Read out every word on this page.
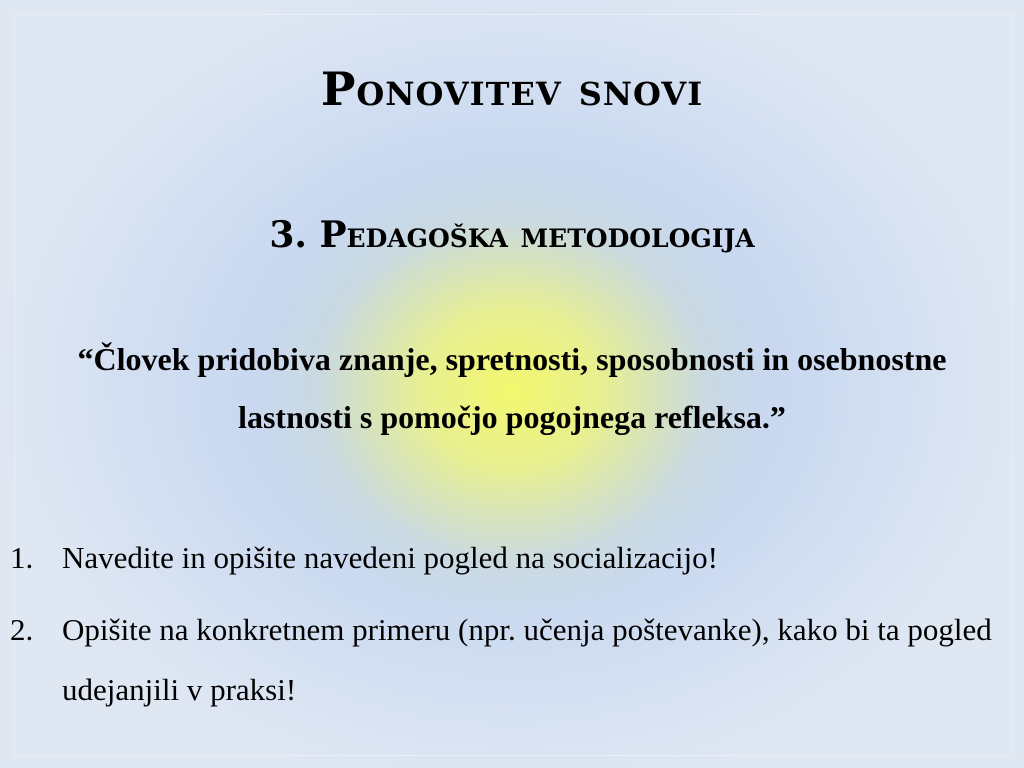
Ponovitev snovi
3. Pedagoška metodologija

“Človek pridobiva znanje, spretnosti, sposobnosti in osebnostne lastnosti s pomočjo pogojnega refleksa.”

1. Navedite in opišite navedeni pogled na socializacijo!
2. Opišite na konkretnem primeru (npr. učenja poštevanke), kako bi ta pogled udejanjili v praksi!
